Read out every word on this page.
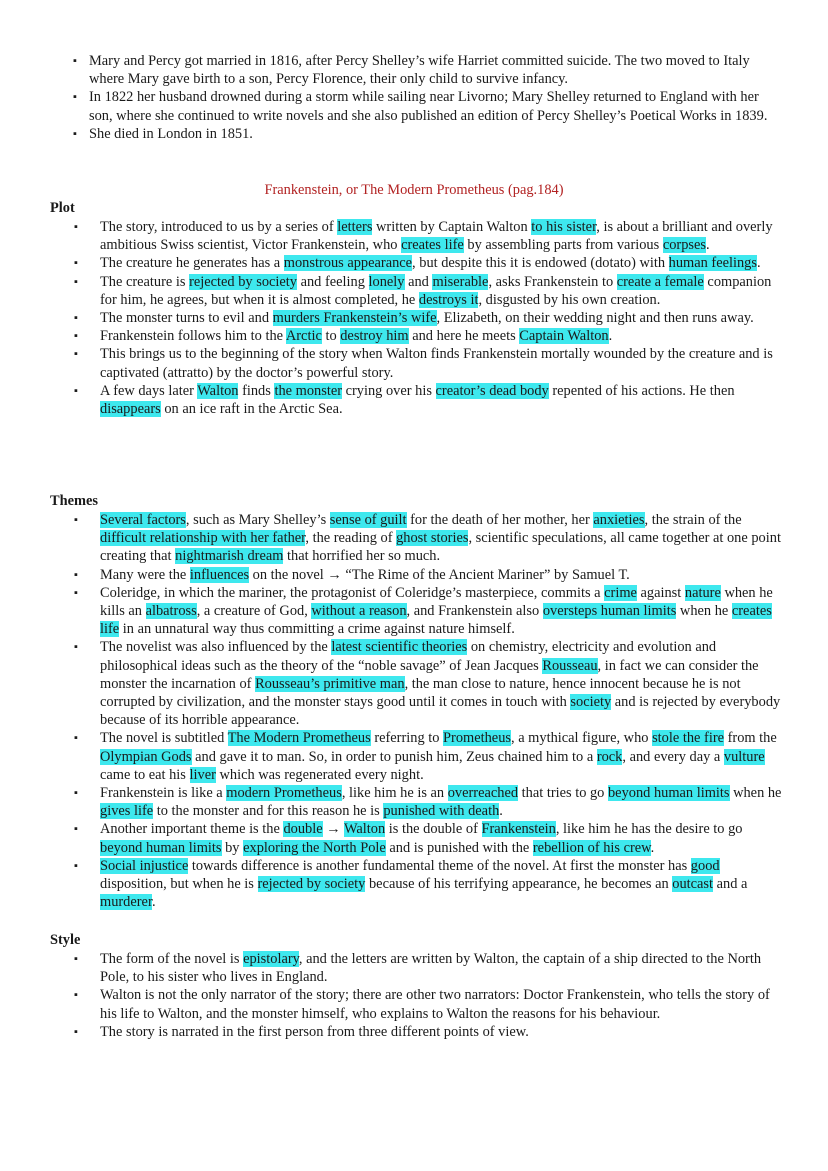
▪ Mary and Percy got married in 1816, after Percy Shelley’s wife Harriet committed suicide. The two moved to Italy where Mary gave birth to a son, Percy Florence, their only child to survive infancy.
▪ In 1822 her husband drowned during a storm while sailing near Livorno; Mary Shelley returned to England with her son, where she continued to write novels and she also published an edition of Percy Shelley’s Poetical Works in 1839.
▪ She died in London in 1851.
Frankenstein, or The Modern Prometheus (pag.184)
Plot
▪ The story, introduced to us by a series of letters written by Captain Walton to his sister, is about a brilliant and overly ambitious Swiss scientist, Victor Frankenstein, who creates life by assembling parts from various corpses.
▪ The creature he generates has a monstrous appearance, but despite this it is endowed (dotato) with human feelings.
▪ The creature is rejected by society and feeling lonely and miserable, asks Frankenstein to create a female companion for him, he agrees, but when it is almost completed, he destroys it, disgusted by his own creation.
▪ The monster turns to evil and murders Frankenstein’s wife, Elizabeth, on their wedding night and then runs away.
▪ Frankenstein follows him to the Arctic to destroy him and here he meets Captain Walton.
▪ This brings us to the beginning of the story when Walton finds Frankenstein mortally wounded by the creature and is captivated (attratto) by the doctor’s powerful story.
▪ A few days later Walton finds the monster crying over his creator’s dead body repented of his actions. He then disappears on an ice raft in the Arctic Sea.
Themes
▪ Several factors, such as Mary Shelley’s sense of guilt for the death of her mother, her anxieties, the strain of the difficult relationship with her father, the reading of ghost stories, scientific speculations, all came together at one point creating that nightmarish dream that horrified her so much.
▪ Many were the influences on the novel → “The Rime of the Ancient Mariner” by Samuel T.
▪ Coleridge, in which the mariner, the protagonist of Coleridge’s masterpiece, commits a crime against nature when he kills an albatross, a creature of God, without a reason, and Frankenstein also oversteps human limits when he creates life in an unnatural way thus committing a crime against nature himself.
▪ The novelist was also influenced by the latest scientific theories on chemistry, electricity and evolution and philosophical ideas such as the theory of the “noble savage” of Jean Jacques Rousseau, in fact we can consider the monster the incarnation of Rousseau’s primitive man, the man close to nature, hence innocent because he is not corrupted by civilization, and the monster stays good until it comes in touch with society and is rejected by everybody because of its horrible appearance.
▪ The novel is subtitled The Modern Prometheus referring to Prometheus, a mythical figure, who stole the fire from the Olympian Gods and gave it to man. So, in order to punish him, Zeus chained him to a rock, and every day a vulture came to eat his liver which was regenerated every night.
▪ Frankenstein is like a modern Prometheus, like him he is an overreached that tries to go beyond human limits when he gives life to the monster and for this reason he is punished with death.
▪ Another important theme is the double → Walton is the double of Frankenstein, like him he has the desire to go beyond human limits by exploring the North Pole and is punished with the rebellion of his crew.
▪ Social injustice towards difference is another fundamental theme of the novel. At first the monster has good disposition, but when he is rejected by society because of his terrifying appearance, he becomes an outcast and a murderer.
Style
▪ The form of the novel is epistolary, and the letters are written by Walton, the captain of a ship directed to the North Pole, to his sister who lives in England.
▪ Walton is not the only narrator of the story; there are other two narrators: Doctor Frankenstein, who tells the story of his life to Walton, and the monster himself, who explains to Walton the reasons for his behaviour.
▪ The story is narrated in the first person from three different points of view.
